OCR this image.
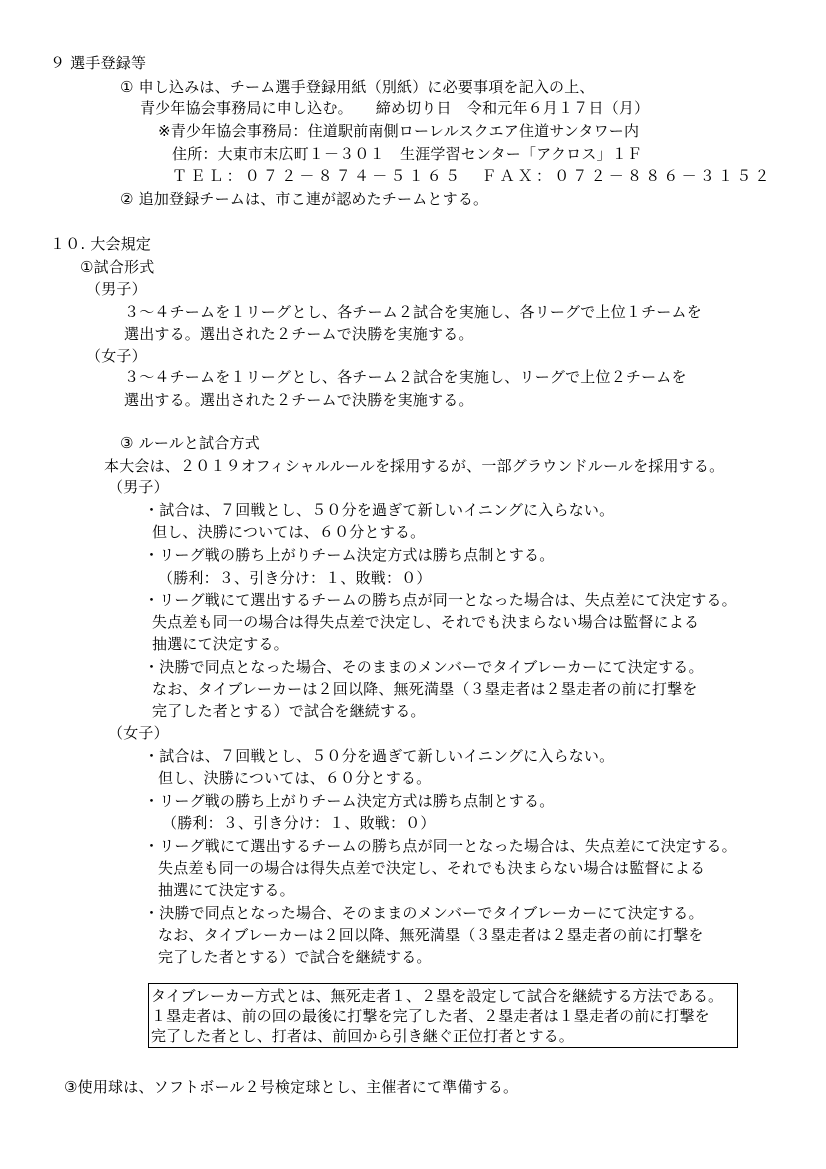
９ 選手登録等
① 申し込みは、チーム選手登録用紙（別紙）に必要事項を記入の上、
青少年協会事務局に申し込む。　　締め切り日　令和元年６月１７日（月）
※青少年協会事務局：住道駅前南側ローレルスクエア住道サンタワー内
住所：大東市末広町１－３０１　生涯学習センター「アクロス」１Ｆ
ＴＥＬ：０７２－８７４－５１６５　ＦＡＸ：０７２－８８６－３１５２
② 追加登録チームは、市こ連が認めたチームとする。
１０. 大会規定
①試合形式
（男子）
３～４チームを１リーグとし、各チーム２試合を実施し、各リーグで上位１チームを
選出する。選出された２チームで決勝を実施する。
（女子）
３～４チームを１リーグとし、各チーム２試合を実施し、リーグで上位２チームを
選出する。選出された２チームで決勝を実施する。
③ ルールと試合方式
本大会は、２０１９オフィシャルルールを採用するが、一部グラウンドルールを採用する。
（男子）
・試合は、７回戦とし、５０分を過ぎて新しいイニングに入らない。
但し、決勝については、６０分とする。
・リーグ戦の勝ち上がりチーム決定方式は勝ち点制とする。
（勝利：３、引き分け：１、敗戦：０）
・リーグ戦にて選出するチームの勝ち点が同一となった場合は、失点差にて決定する。
失点差も同一の場合は得失点差で決定し、それでも決まらない場合は監督による
抽選にて決定する。
・決勝で同点となった場合、そのままのメンバーでタイブレーカーにて決定する。
なお、タイブレーカーは２回以降、無死満塁（３塁走者は２塁走者の前に打撃を
完了した者とする）で試合を継続する。
（女子）
・試合は、７回戦とし、５０分を過ぎて新しいイニングに入らない。
但し、決勝については、６０分とする。
・リーグ戦の勝ち上がりチーム決定方式は勝ち点制とする。
（勝利：３、引き分け：１、敗戦：０）
・リーグ戦にて選出するチームの勝ち点が同一となった場合は、失点差にて決定する。
失点差も同一の場合は得失点差で決定し、それでも決まらない場合は監督による
抽選にて決定する。
・決勝で同点となった場合、そのままのメンバーでタイブレーカーにて決定する。
なお、タイブレーカーは２回以降、無死満塁（３塁走者は２塁走者の前に打撃を
完了した者とする）で試合を継続する。
タイブレーカー方式とは、無死走者１、２塁を設定して試合を継続する方法である。
１塁走者は、前の回の最後に打撃を完了した者、２塁走者は１塁走者の前に打撃を
完了した者とし、打者は、前回から引き継ぐ正位打者とする。
③使用球は、ソフトボール２号検定球とし、主催者にて準備する。
